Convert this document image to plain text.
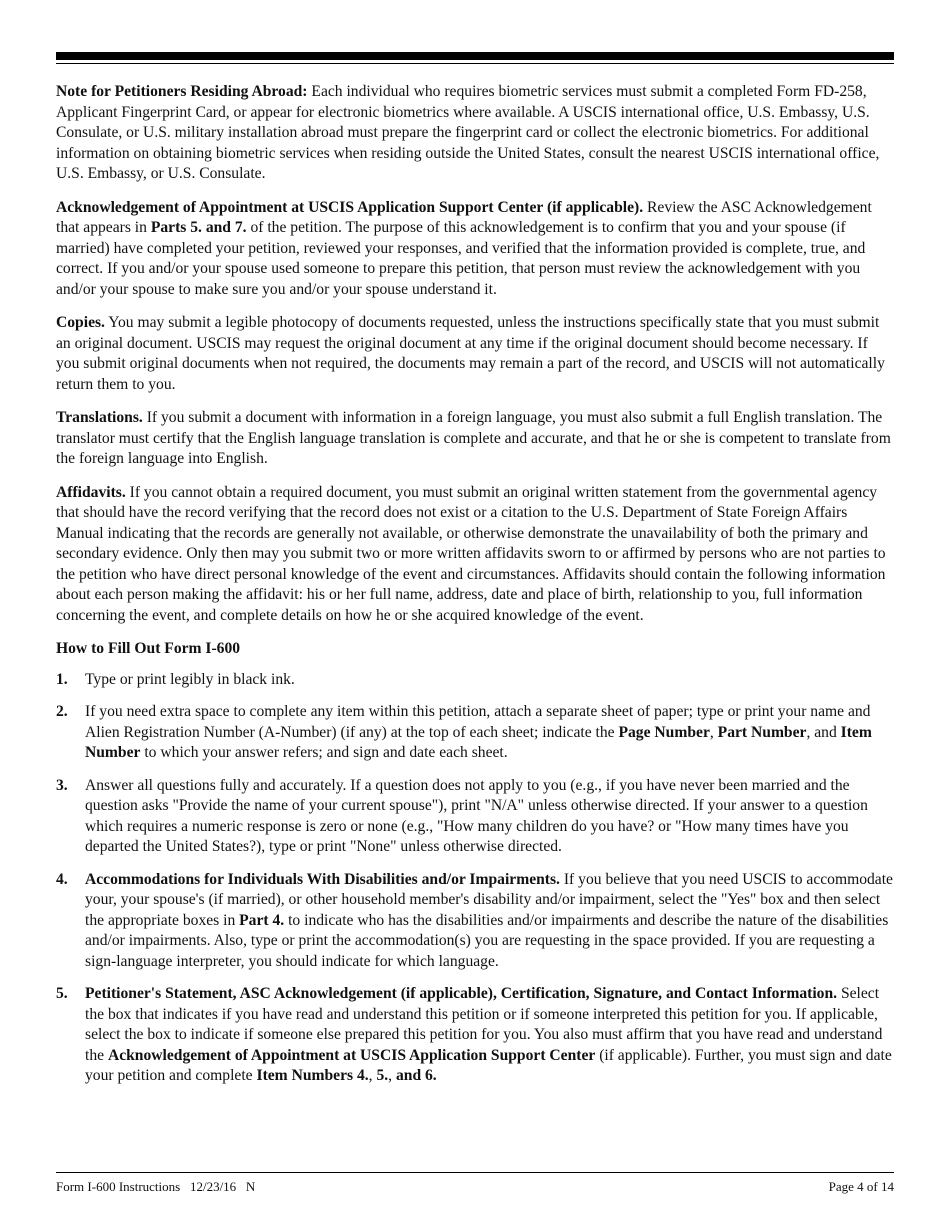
Note for Petitioners Residing Abroad: Each individual who requires biometric services must submit a completed Form FD-258, Applicant Fingerprint Card, or appear for electronic biometrics where available. A USCIS international office, U.S. Embassy, U.S. Consulate, or U.S. military installation abroad must prepare the fingerprint card or collect the electronic biometrics. For additional information on obtaining biometric services when residing outside the United States, consult the nearest USCIS international office, U.S. Embassy, or U.S. Consulate.

Acknowledgement of Appointment at USCIS Application Support Center (if applicable). Review the ASC Acknowledgement that appears in Parts 5. and 7. of the petition. The purpose of this acknowledgement is to confirm that you and your spouse (if married) have completed your petition, reviewed your responses, and verified that the information provided is complete, true, and correct. If you and/or your spouse used someone to prepare this petition, that person must review the acknowledgement with you and/or your spouse to make sure you and/or your spouse understand it.

Copies. You may submit a legible photocopy of documents requested, unless the instructions specifically state that you must submit an original document. USCIS may request the original document at any time if the original document should become necessary. If you submit original documents when not required, the documents may remain a part of the record, and USCIS will not automatically return them to you.

Translations. If you submit a document with information in a foreign language, you must also submit a full English translation. The translator must certify that the English language translation is complete and accurate, and that he or she is competent to translate from the foreign language into English.

Affidavits. If you cannot obtain a required document, you must submit an original written statement from the governmental agency that should have the record verifying that the record does not exist or a citation to the U.S. Department of State Foreign Affairs Manual indicating that the records are generally not available, or otherwise demonstrate the unavailability of both the primary and secondary evidence. Only then may you submit two or more written affidavits sworn to or affirmed by persons who are not parties to the petition who have direct personal knowledge of the event and circumstances. Affidavits should contain the following information about each person making the affidavit: his or her full name, address, date and place of birth, relationship to you, full information concerning the event, and complete details on how he or she acquired knowledge of the event.

How to Fill Out Form I-600
1. Type or print legibly in black ink.
2. If you need extra space to complete any item within this petition, attach a separate sheet of paper; type or print your name and Alien Registration Number (A-Number) (if any) at the top of each sheet; indicate the Page Number, Part Number, and Item Number to which your answer refers; and sign and date each sheet.
3. Answer all questions fully and accurately. If a question does not apply to you (e.g., if you have never been married and the question asks "Provide the name of your current spouse"), print "N/A" unless otherwise directed. If your answer to a question which requires a numeric response is zero or none (e.g., "How many children do you have? or "How many times have you departed the United States?), type or print "None" unless otherwise directed.
4. Accommodations for Individuals With Disabilities and/or Impairments. If you believe that you need USCIS to accommodate your, your spouse's (if married), or other household member's disability and/or impairment, select the "Yes" box and then select the appropriate boxes in Part 4. to indicate who has the disabilities and/or impairments and describe the nature of the disabilities and/or impairments. Also, type or print the accommodation(s) you are requesting in the space provided. If you are requesting a sign-language interpreter, you should indicate for which language.
5. Petitioner's Statement, ASC Acknowledgement (if applicable), Certification, Signature, and Contact Information. Select the box that indicates if you have read and understand this petition or if someone interpreted this petition for you. If applicable, select the box to indicate if someone else prepared this petition for you. You also must affirm that you have read and understand the Acknowledgement of Appointment at USCIS Application Support Center (if applicable). Further, you must sign and date your petition and complete Item Numbers 4., 5., and 6.
Form I-600 Instructions   12/23/16   N	Page 4 of 14
